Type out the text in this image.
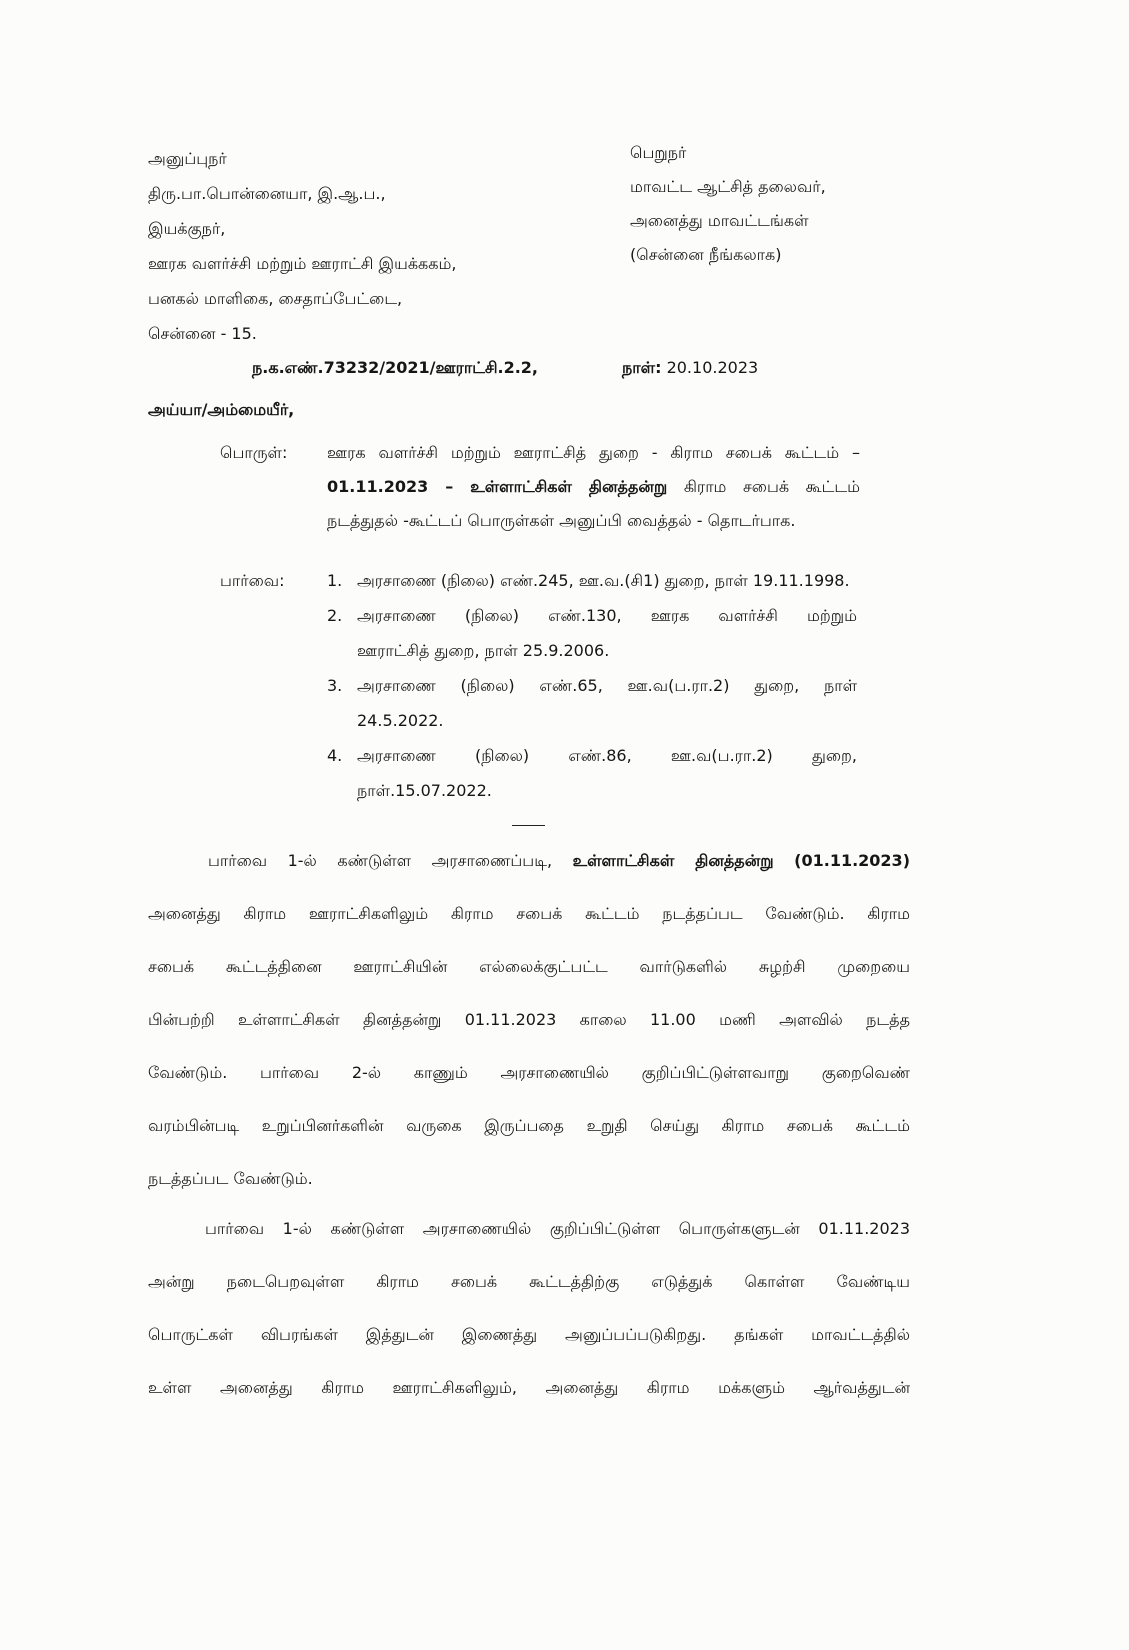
அனுப்புநர்
திரு.பா.பொன்னையா, இ.ஆ.ப.,
இயக்குநர்,
ஊரக வளர்ச்சி மற்றும் ஊராட்சி இயக்ககம்,
பனகல் மாளிகை, சைதாப்பேட்டை,
சென்னை - 15.
பெறுநர்
மாவட்ட ஆட்சித் தலைவர்,
அனைத்து மாவட்டங்கள்
(சென்னை நீங்கலாக)
ந.க.எண்.73232/2021/ஊராட்சி.2.2,	நாள்: 20.10.2023
அய்யா/அம்மையீர்,
பொருள்: ஊரக வளர்ச்சி மற்றும் ஊராட்சித் துறை - கிராம சபைக் கூட்டம் –
01.11.2023 – உள்ளாட்சிகள் தினத்தன்று கிராம சபைக் கூட்டம்
நடத்துதல் -கூட்டப் பொருள்கள் அனுப்பி வைத்தல் - தொடர்பாக.
பார்வை:	1. அரசாணை (நிலை) எண்.245, ஊ.வ.(சி1) துறை, நாள் 19.11.1998.
2. அரசாணை (நிலை) எண்.130, ஊரக வளர்ச்சி மற்றும்
ஊராட்சித் துறை, நாள் 25.9.2006.
3. அரசாணை (நிலை) எண்.65, ஊ.வ(ப.ரா.2) துறை, நாள்
24.5.2022.
4. அரசாணை (நிலை) எண்.86, ஊ.வ(ப.ரா.2) துறை,
நாள்.15.07.2022.
பார்வை 1-ல் கண்டுள்ள அரசாணைப்படி, உள்ளாட்சிகள் தினத்தன்று (01.11.2023)
அனைத்து கிராம ஊராட்சிகளிலும் கிராம சபைக் கூட்டம் நடத்தப்பட வேண்டும். கிராம
சபைக் கூட்டத்தினை ஊராட்சியின் எல்லைக்குட்பட்ட வார்டுகளில் சுழற்சி முறையை
பின்பற்றி உள்ளாட்சிகள் தினத்தன்று 01.11.2023 காலை 11.00 மணி அளவில் நடத்த
வேண்டும். பார்வை 2-ல் காணும் அரசாணையில் குறிப்பிட்டுள்ளவாறு குறைவெண்
வரம்பின்படி உறுப்பினர்களின் வருகை இருப்பதை உறுதி செய்து கிராம சபைக் கூட்டம்
நடத்தப்பட வேண்டும்.
பார்வை 1-ல் கண்டுள்ள அரசாணையில் குறிப்பிட்டுள்ள பொருள்களுடன் 01.11.2023
அன்று நடைபெறவுள்ள கிராம சபைக் கூட்டத்திற்கு எடுத்துக் கொள்ள வேண்டிய
பொருட்கள் விபரங்கள் இத்துடன் இணைத்து அனுப்பப்படுகிறது. தங்கள் மாவட்டத்தில்
உள்ள அனைத்து கிராம ஊராட்சிகளிலும், அனைத்து கிராம மக்களும் ஆர்வத்துடன்
